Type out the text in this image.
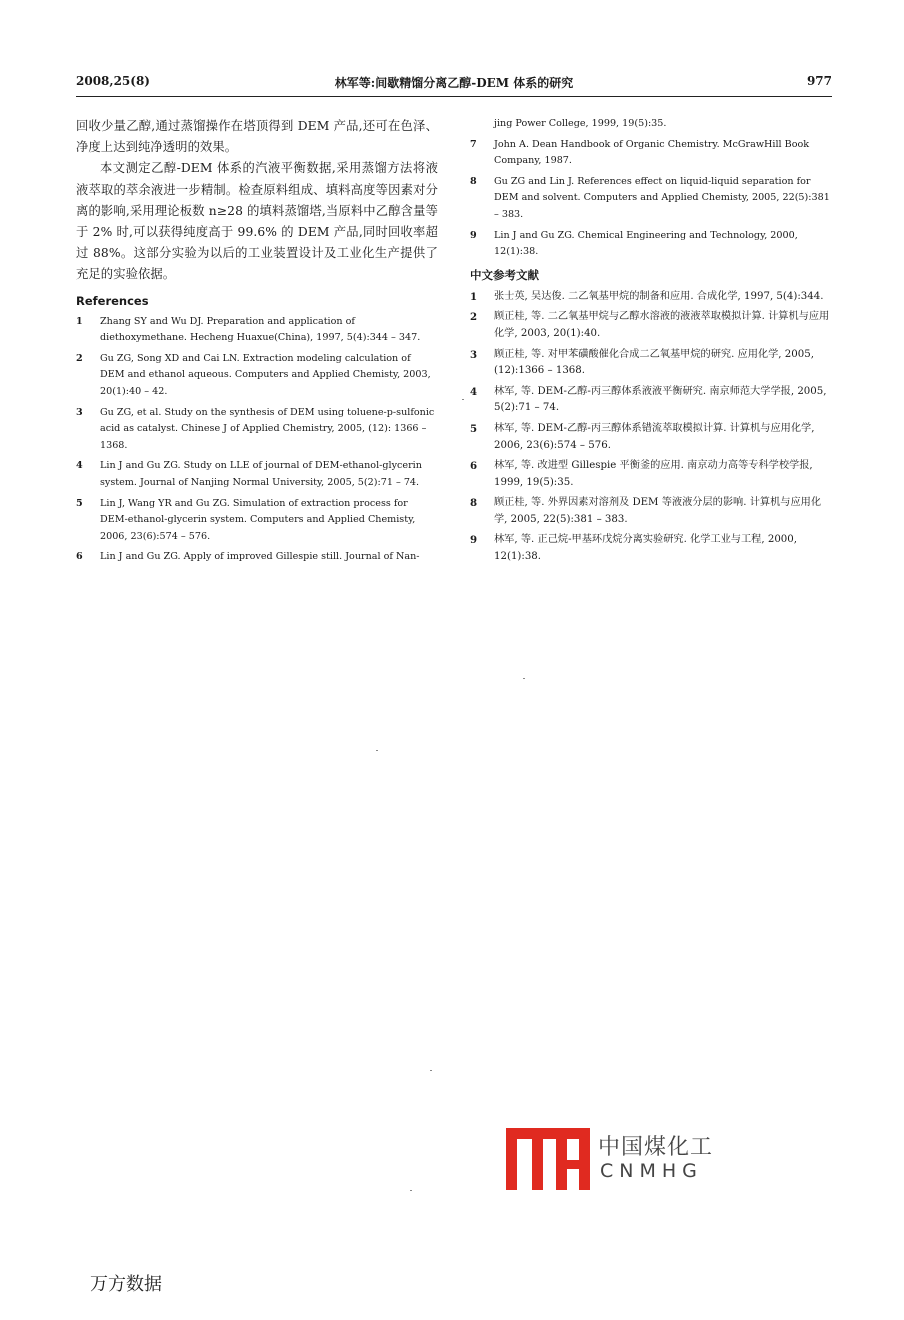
2008,25(8)	林军等:间歇精馏分离乙醇-DEM 体系的研究	977

回收少量乙醇,通过蒸馏操作在塔顶得到 DEM 产品,还可在色泽、净度上达到纯净透明的效果。

本文测定乙醇-DEM 体系的汽液平衡数据,采用蒸馏方法将液液萃取的萃余液进一步精制。检查原料组成、填料高度等因素对分离的影响,采用理论板数 n≥28 的填料蒸馏塔,当原料中乙醇含量等于 2% 时,可以获得纯度高于 99.6% 的 DEM 产品,同时回收率超过 88%。这部分实验为以后的工业装置设计及工业化生产提供了充足的实验依据。

References
1 Zhang SY and Wu DJ. Preparation and application of diethoxymethane. Hecheng Huaxue(China), 1997, 5(4):344 – 347.
2 Gu ZG, Song XD and Cai LN. Extraction modeling calculation of DEM and ethanol aqueous. Computers and Applied Chemisty, 2003, 20(1):40 – 42.
3 Gu ZG, et al. Study on the synthesis of DEM using toluene-p-sulfonic acid as catalyst. Chinese J of Applied Chemistry, 2005, (12): 1366 – 1368.
4 Lin J and Gu ZG. Study on LLE of journal of DEM-ethanol-glycerin system. Journal of Nanjing Normal University, 2005, 5(2):71 – 74.
5 Lin J, Wang YR and Gu ZG. Simulation of extraction process for DEM-ethanol-glycerin system. Computers and Applied Chemisty, 2006, 23(6):574 – 576.
6 Lin J and Gu ZG. Apply of improved Gillespie still. Journal of Nan-
jing Power College, 1999, 19(5):35.
7 John A. Dean Handbook of Organic Chemistry. McGrawHill Book Company, 1987.
8 Gu ZG and Lin J. References effect on liquid-liquid separation for DEM and solvent. Computers and Applied Chemisty, 2005, 22(5):381 – 383.
9 Lin J and Gu ZG. Chemical Engineering and Technology, 2000, 12(1):38.
中文参考文献
1 张士英, 吴达俊. 二乙氧基甲烷的制备和应用. 合成化学, 1997, 5(4):344.
2 顾正桂, 等. 二乙氧基甲烷与乙醇水溶液的液液萃取模拟计算. 计算机与应用化学, 2003, 20(1):40.
3 顾正桂, 等. 对甲苯磺酸催化合成二乙氧基甲烷的研究. 应用化学, 2005, (12):1366 – 1368.
4 林军, 等. DEM-乙醇-丙三醇体系液液平衡研究. 南京师范大学学报, 2005, 5(2):71 – 74.
5 林军, 等. DEM-乙醇-丙三醇体系错流萃取模拟计算. 计算机与应用化学, 2006, 23(6):574 – 576.
6 林军, 等. 改进型 Gillespie 平衡釜的应用. 南京动力高等专科学校学报, 1999, 19(5):35.
8 顾正桂, 等. 外界因素对溶剂及 DEM 等液液分层的影响. 计算机与应用化学, 2005, 22(5):381 – 383.
9 林军, 等. 正己烷-甲基环戊烷分离实验研究. 化学工业与工程, 2000, 12(1):38.
中国煤化工
CNMHG
万方数据
